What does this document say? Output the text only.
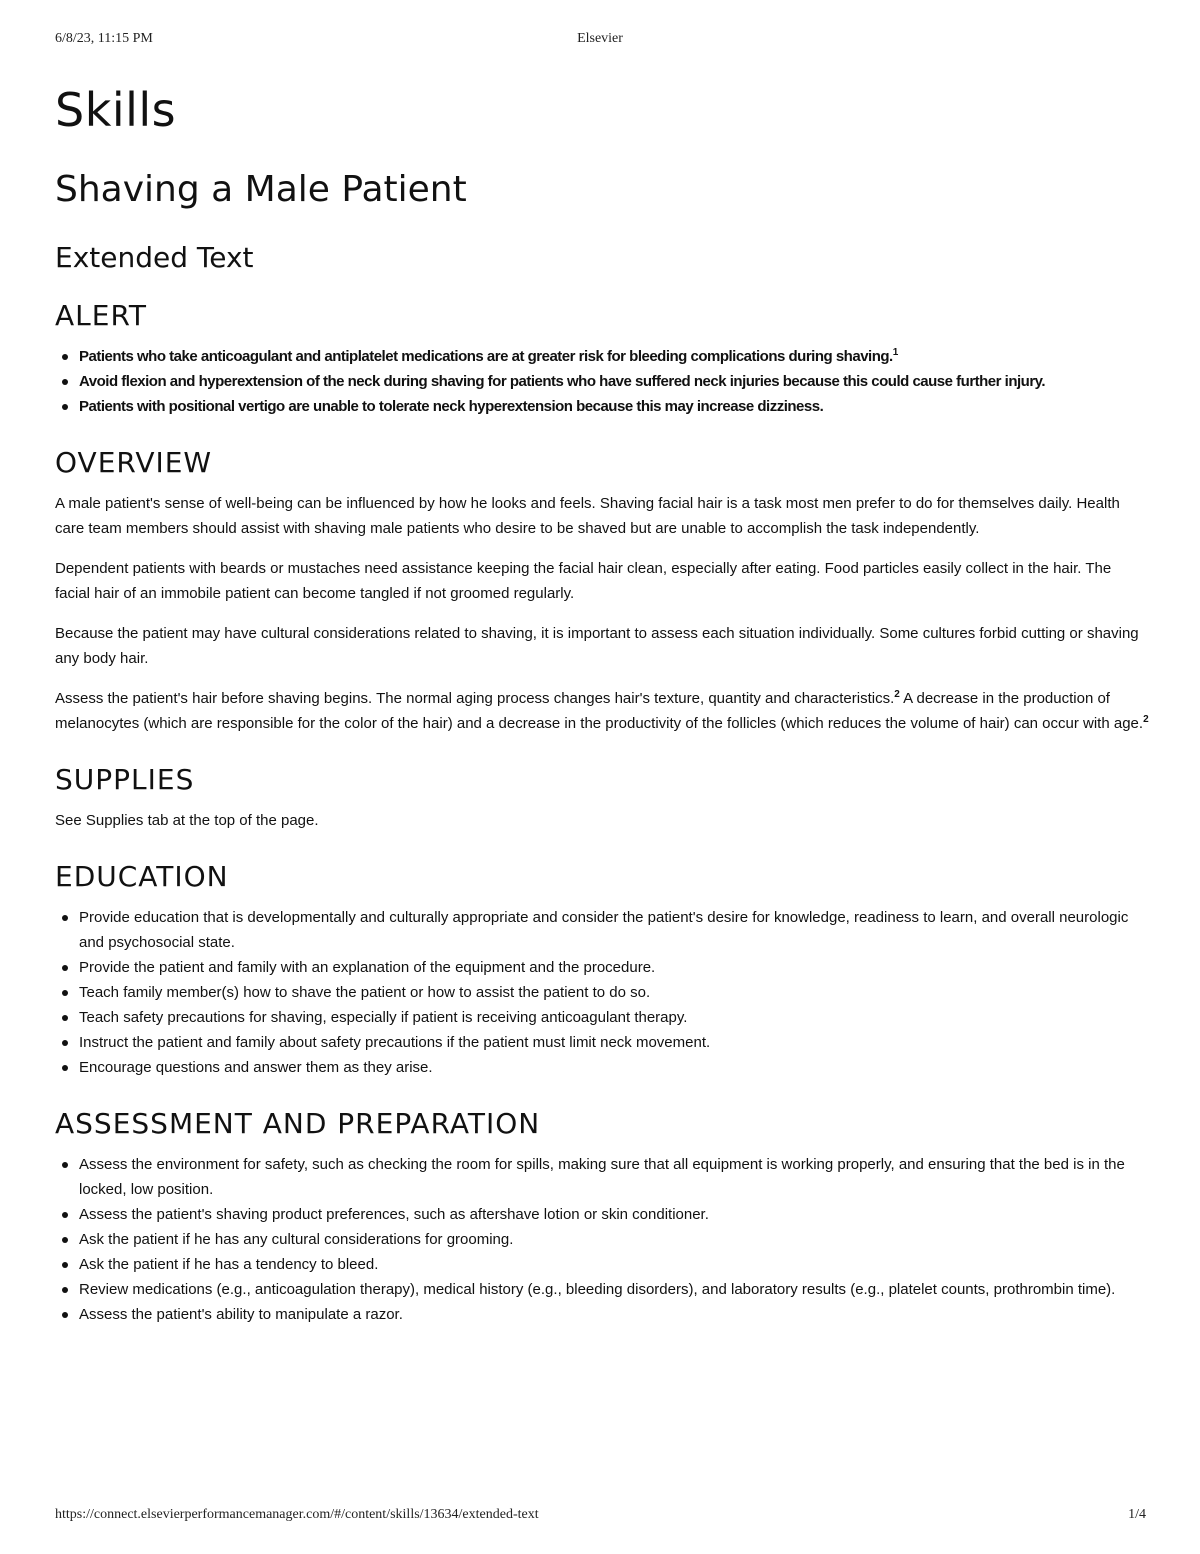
6/8/23, 11:15 PM	Elsevier
Skills
Shaving a Male Patient
Extended Text
ALERT
Patients who take anticoagulant and antiplatelet medications are at greater risk for bleeding complications during shaving.$^1$
Avoid flexion and hyperextension of the neck during shaving for patients who have suffered neck injuries because this could cause further injury.
Patients with positional vertigo are unable to tolerate neck hyperextension because this may increase dizziness.
OVERVIEW

A male patient's sense of well-being can be influenced by how he looks and feels. Shaving facial hair is a task most men prefer to do for themselves daily. Health care team members should assist with shaving male patients who desire to be shaved but are unable to accomplish the task independently.

Dependent patients with beards or mustaches need assistance keeping the facial hair clean, especially after eating. Food particles easily collect in the hair. The facial hair of an immobile patient can become tangled if not groomed regularly.

Because the patient may have cultural considerations related to shaving, it is important to assess each situation individually. Some cultures forbid cutting or shaving any body hair.

Assess the patient's hair before shaving begins. The normal aging process changes hair's texture, quantity and characteristics.$^2$ A decrease in the production of melanocytes (which are responsible for the color of the hair) and a decrease in the productivity of the follicles (which reduces the volume of hair) can occur with age.$^2$

SUPPLIES

See Supplies tab at the top of the page.

EDUCATION
Provide education that is developmentally and culturally appropriate and consider the patient's desire for knowledge, readiness to learn, and overall neurologic and psychosocial state.
Provide the patient and family with an explanation of the equipment and the procedure.
Teach family member(s) how to shave the patient or how to assist the patient to do so.
Teach safety precautions for shaving, especially if patient is receiving anticoagulant therapy.
Instruct the patient and family about safety precautions if the patient must limit neck movement.
Encourage questions and answer them as they arise.
ASSESSMENT AND PREPARATION
Assess the environment for safety, such as checking the room for spills, making sure that all equipment is working properly, and ensuring that the bed is in the locked, low position.
Assess the patient's shaving product preferences, such as aftershave lotion or skin conditioner.
Ask the patient if he has any cultural considerations for grooming.
Ask the patient if he has a tendency to bleed.
Review medications (e.g., anticoagulation therapy), medical history (e.g., bleeding disorders), and laboratory results (e.g., platelet counts, prothrombin time).
Assess the patient's ability to manipulate a razor.
https://connect.elsevierperformancemanager.com/#/content/skills/13634/extended-text	1/4
